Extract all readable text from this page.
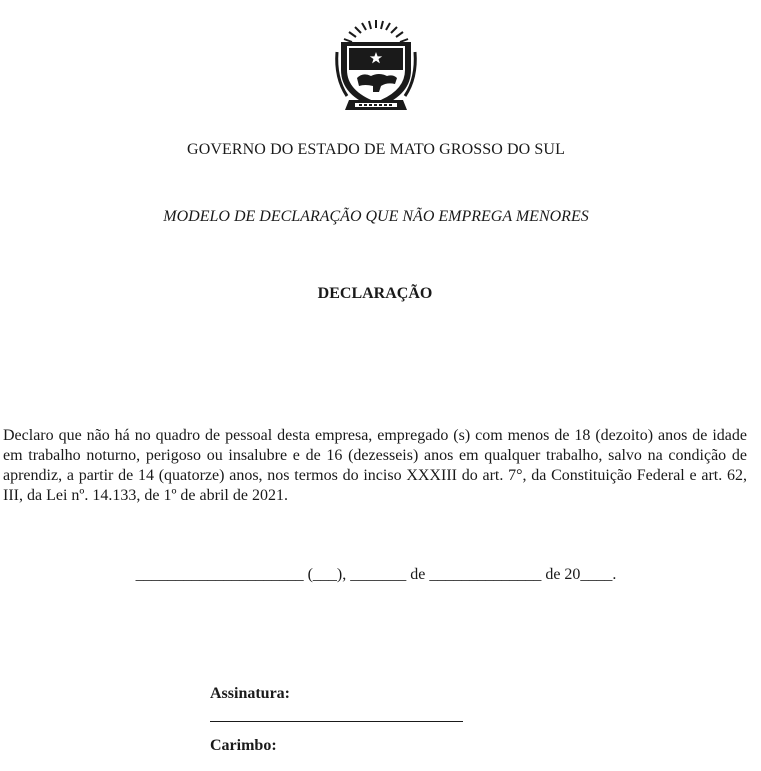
GOVERNO DO ESTADO DE MATO GROSSO DO SUL
MODELO DE DECLARAÇÃO QUE NÃO EMPREGA MENORES
DECLARAÇÃO

Declaro que não há no quadro de pessoal desta empresa, empregado (s) com menos de 18 (dezoito) anos de idade em trabalho noturno, perigoso ou insalubre e de 16 (dezesseis) anos em qualquer trabalho, salvo na condição de aprendiz, a partir de 14 (quatorze) anos, nos termos do inciso XXXIII do art. 7°, da Constituição Federal e art. 62, III, da Lei nº. 14.133, de 1º de abril de 2021.

_____________________ (___), _______ de ______________ de 20____.
Assinatura:
Carimbo:
